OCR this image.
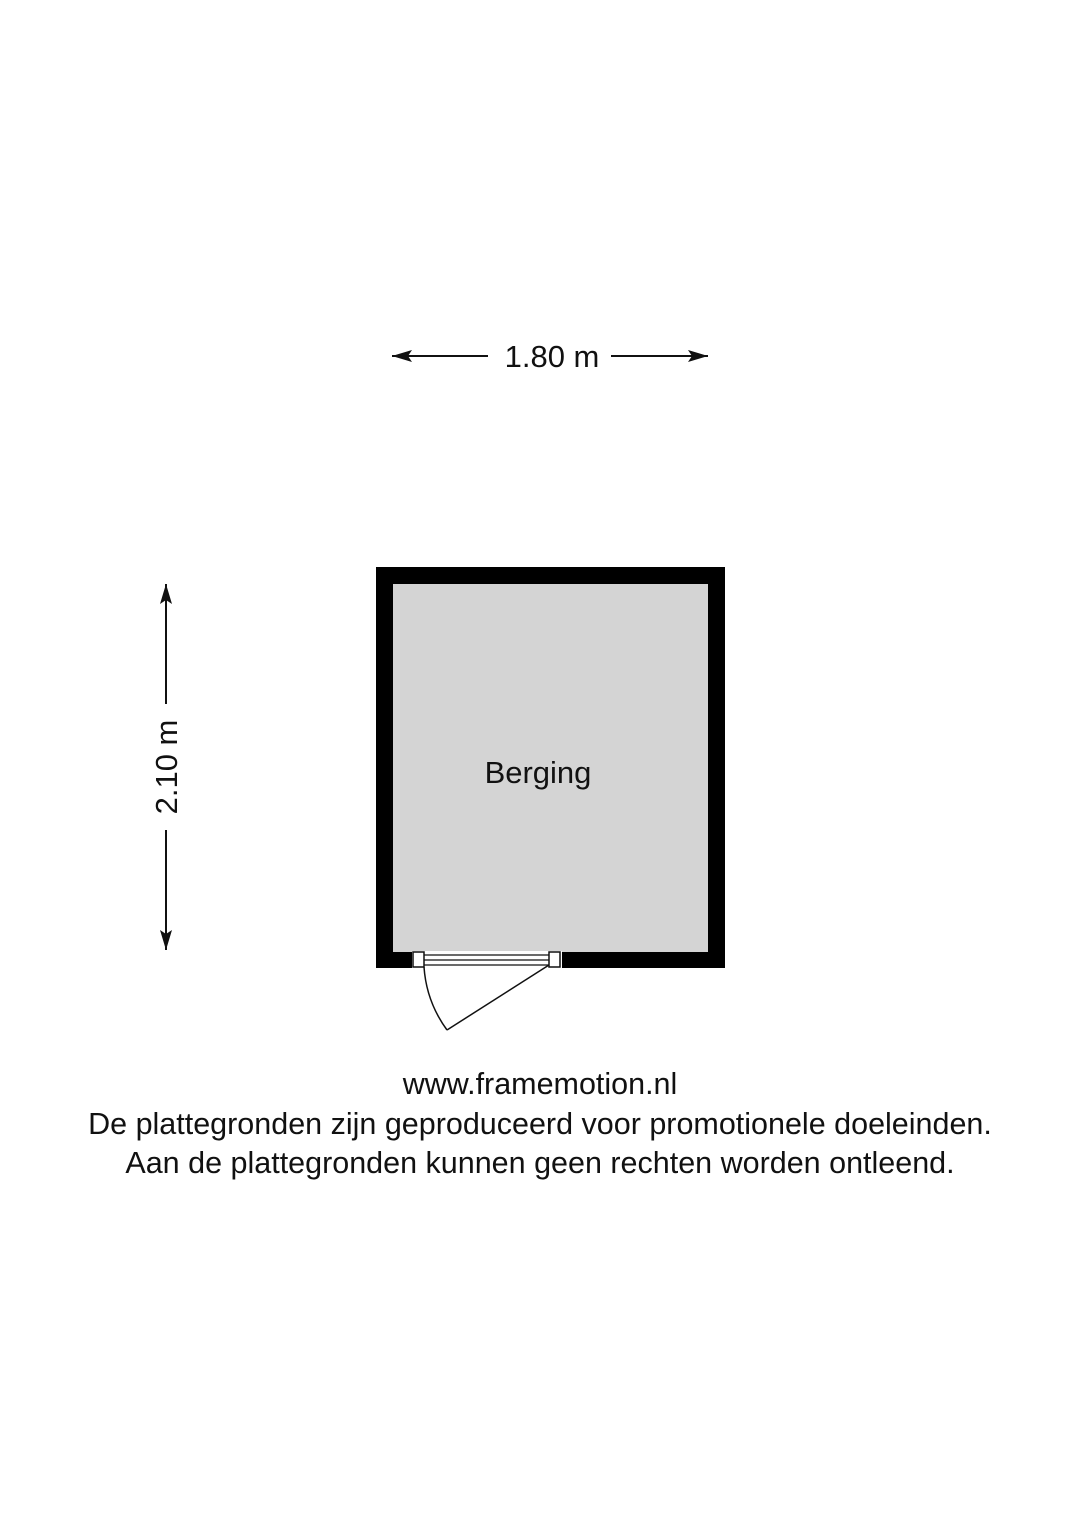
1.80 m
2.10 m	Berging
www.framemotion.nl
De plattegronden zijn geproduceerd voor promotionele doeleinden.
Aan de plattegronden kunnen geen rechten worden ontleend.
